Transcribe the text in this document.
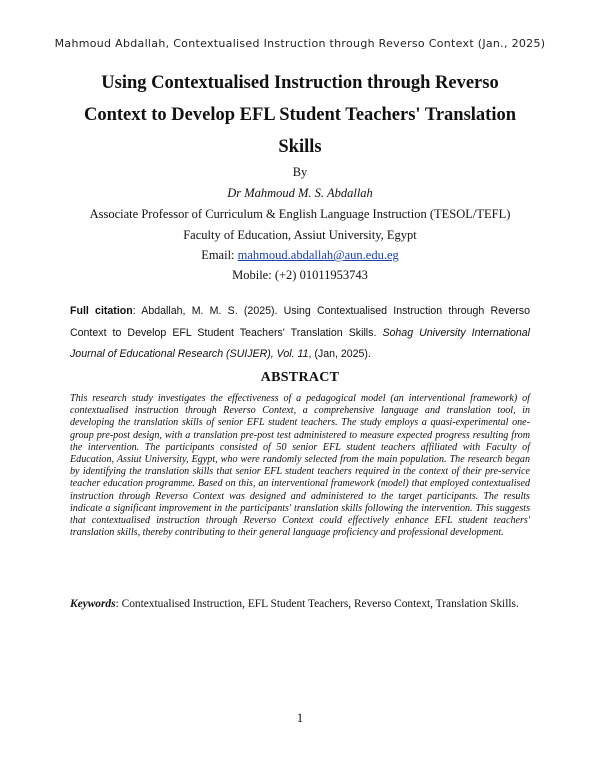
Mahmoud Abdallah, Contextualised Instruction through Reverso Context (Jan., 2025)
Using Contextualised Instruction through Reverso Context to Develop EFL Student Teachers' Translation Skills
By
Dr Mahmoud M. S. Abdallah
Associate Professor of Curriculum & English Language Instruction (TESOL/TEFL)
Faculty of Education, Assiut University, Egypt
Email: mahmoud.abdallah@aun.edu.eg
Mobile: (+2) 01011953743

Full citation: Abdallah, M. M. S. (2025). Using Contextualised Instruction through Reverso Context to Develop EFL Student Teachers' Translation Skills. Sohag University International Journal of Educational Research (SUIJER), Vol. 11, (Jan, 2025).

ABSTRACT

This research study investigates the effectiveness of a pedagogical model (an interventional framework) of contextualised instruction through Reverso Context, a comprehensive language and translation tool, in developing the translation skills of senior EFL student teachers. The study employs a quasi-experimental one-group pre-post design, with a translation pre-post test administered to measure expected progress resulting from the intervention. The participants consisted of 50 senior EFL student teachers affiliated with Faculty of Education, Assiut University, Egypt, who were randomly selected from the main population. The research began by identifying the translation skills that senior EFL student teachers required in the context of their pre-service teacher education programme. Based on this, an interventional framework (model) that employed contextualised instruction through Reverso Context was designed and administered to the target participants. The results indicate a significant improvement in the participants' translation skills following the intervention. This suggests that contextualised instruction through Reverso Context could effectively enhance EFL student teachers' translation skills, thereby contributing to their general language proficiency and professional development.

Keywords: Contextualised Instruction, EFL Student Teachers, Reverso Context, Translation Skills.

1
